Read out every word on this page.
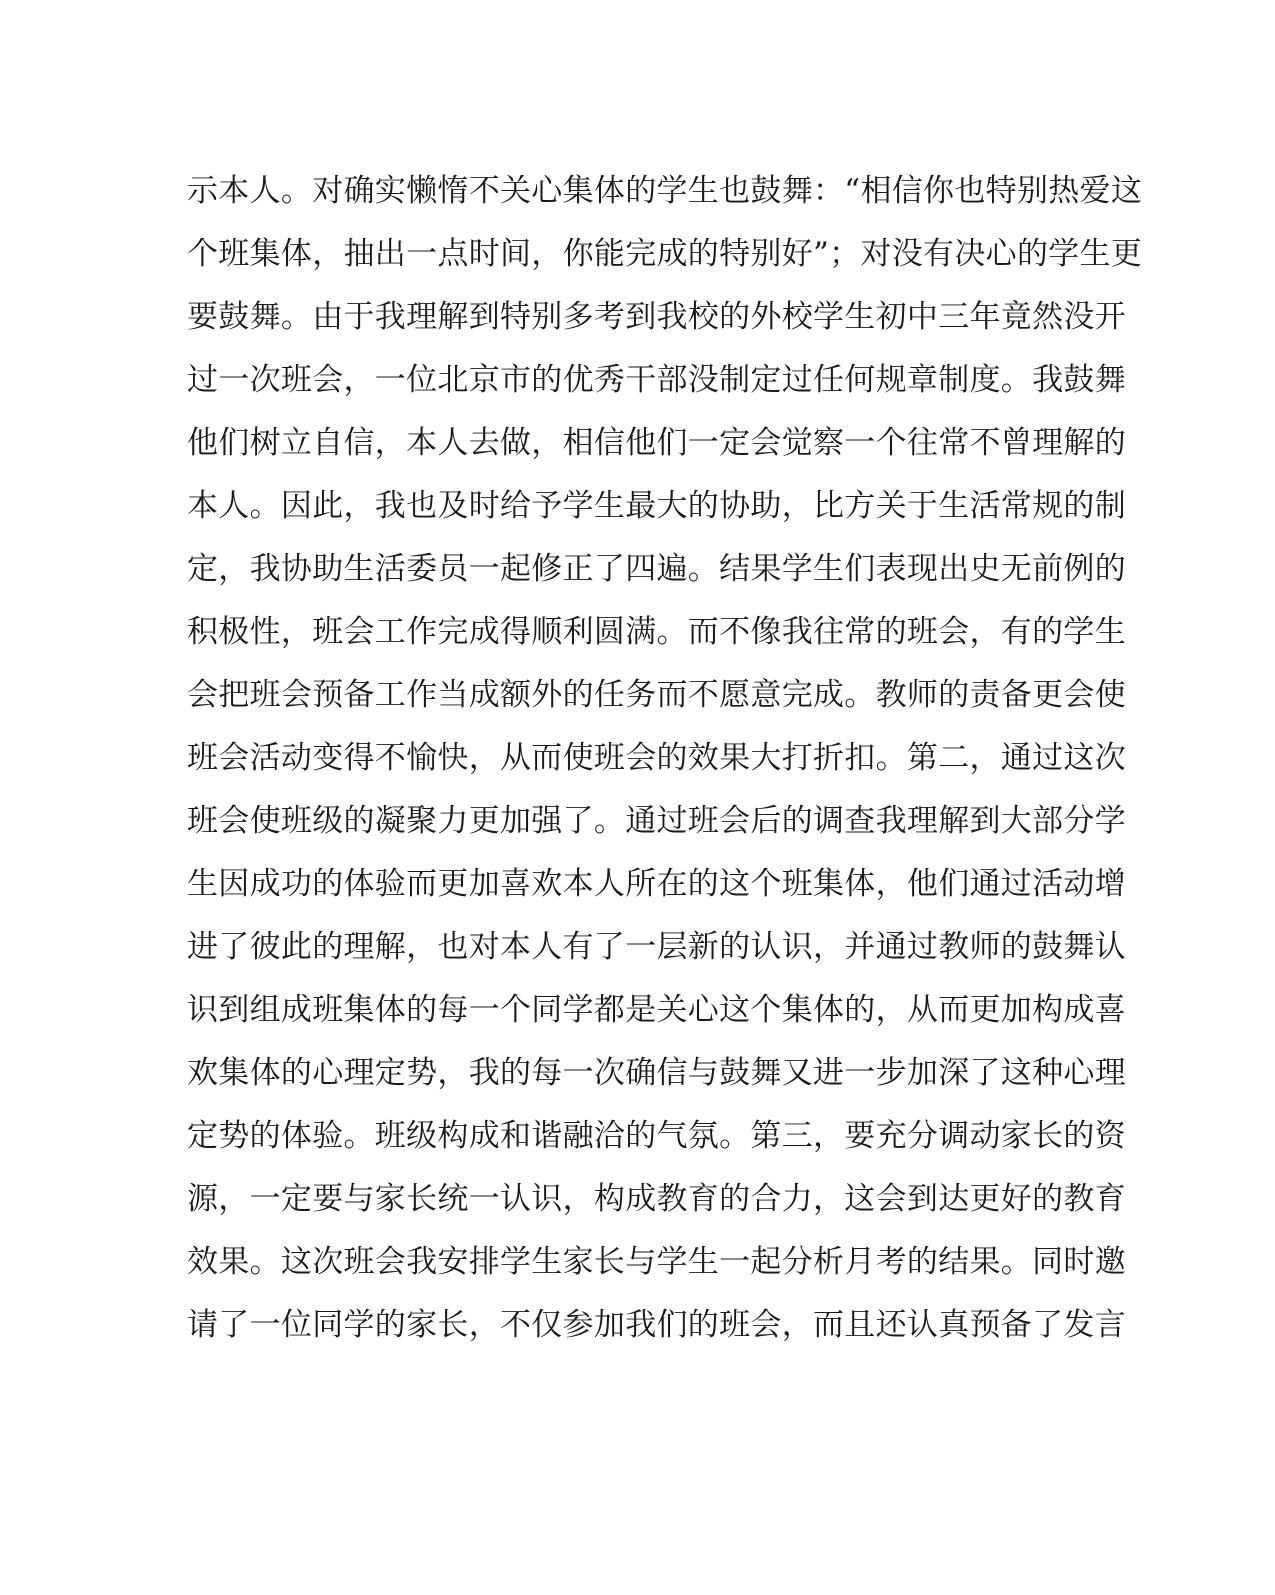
示本人。对确实懒惰不关心集体的学生也鼓舞：“相信你也特别热爱这
个班集体，抽出一点时间，你能完成的特别好”；对没有决心的学生更
要鼓舞。由于我理解到特别多考到我校的外校学生初中三年竟然没开
过一次班会，一位北京市的优秀干部没制定过任何规章制度。我鼓舞
他们树立自信，本人去做，相信他们一定会觉察一个往常不曾理解的
本人。因此，我也及时给予学生最大的协助，比方关于生活常规的制
定，我协助生活委员一起修正了四遍。结果学生们表现出史无前例的
积极性，班会工作完成得顺利圆满。而不像我往常的班会，有的学生
会把班会预备工作当成额外的任务而不愿意完成。教师的责备更会使
班会活动变得不愉快，从而使班会的效果大打折扣。第二，通过这次
班会使班级的凝聚力更加强了。通过班会后的调查我理解到大部分学
生因成功的体验而更加喜欢本人所在的这个班集体，他们通过活动增
进了彼此的理解，也对本人有了一层新的认识，并通过教师的鼓舞认
识到组成班集体的每一个同学都是关心这个集体的，从而更加构成喜
欢集体的心理定势，我的每一次确信与鼓舞又进一步加深了这种心理
定势的体验。班级构成和谐融洽的气氛。第三，要充分调动家长的资
源，一定要与家长统一认识，构成教育的合力，这会到达更好的教育
效果。这次班会我安排学生家长与学生一起分析月考的结果。同时邀
请了一位同学的家长，不仅参加我们的班会，而且还认真预备了发言
